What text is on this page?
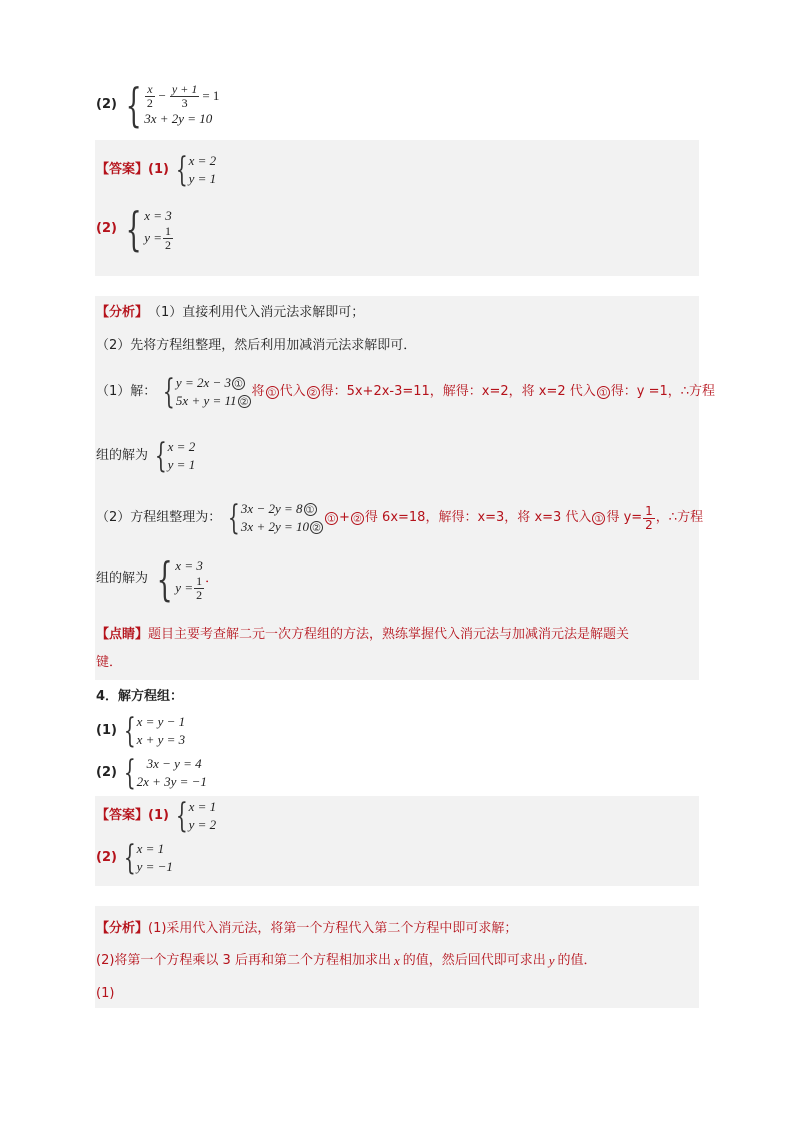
(2) { $\frac{x}{2} - \frac{y + 1}{3} = 1$
3x + 2y = 10
【答案】 (1) { x = 2
y = 1
(2) { x = 3
$y = \frac{1}{2}$
【分析】 （1）直接利用代入消元法求解即可；
（2）先将方程组整理，然后利用加减消元法求解即可．
（1）解： { y = 2x − 3 ①
5x + y = 11 ②
将 ① 代入 ② 得： 5x+2x-3=11，解得：x=2，将 x=2 代入 ① 得：y =1，∴方程
组的解为 { x = 2
y = 1
（2）方程组整理为： { 3x − 2y = 8 ①
3x + 2y = 10 ②
① + ② 得 6x=18，解得：x=3，将 x=3 代入 ① 得 $y= \frac{1}{2}$ ，∴方程
组的解为 { x = 3
$y = \frac{1}{2}$ ．
【点睛】 题目主要考查解二元一次方程组的方法，熟练掌握代入消元法与加减消元法是解题关
键．
4．解方程组：
(1) { x = y − 1
x + y = 3
(2) { 3x − y = 4
2x + 3y = −1
【答案】 (1) { x = 1
y = 2
(2) { x = 1
y = −1
【分析】 (1)采用代入消元法，将第一个方程代入第二个方程中即可求解；
(2)将第一个方程乘以 3 后再和第二个方程相加求出 x 的值，然后回代即可求出 y 的值．
(1)
